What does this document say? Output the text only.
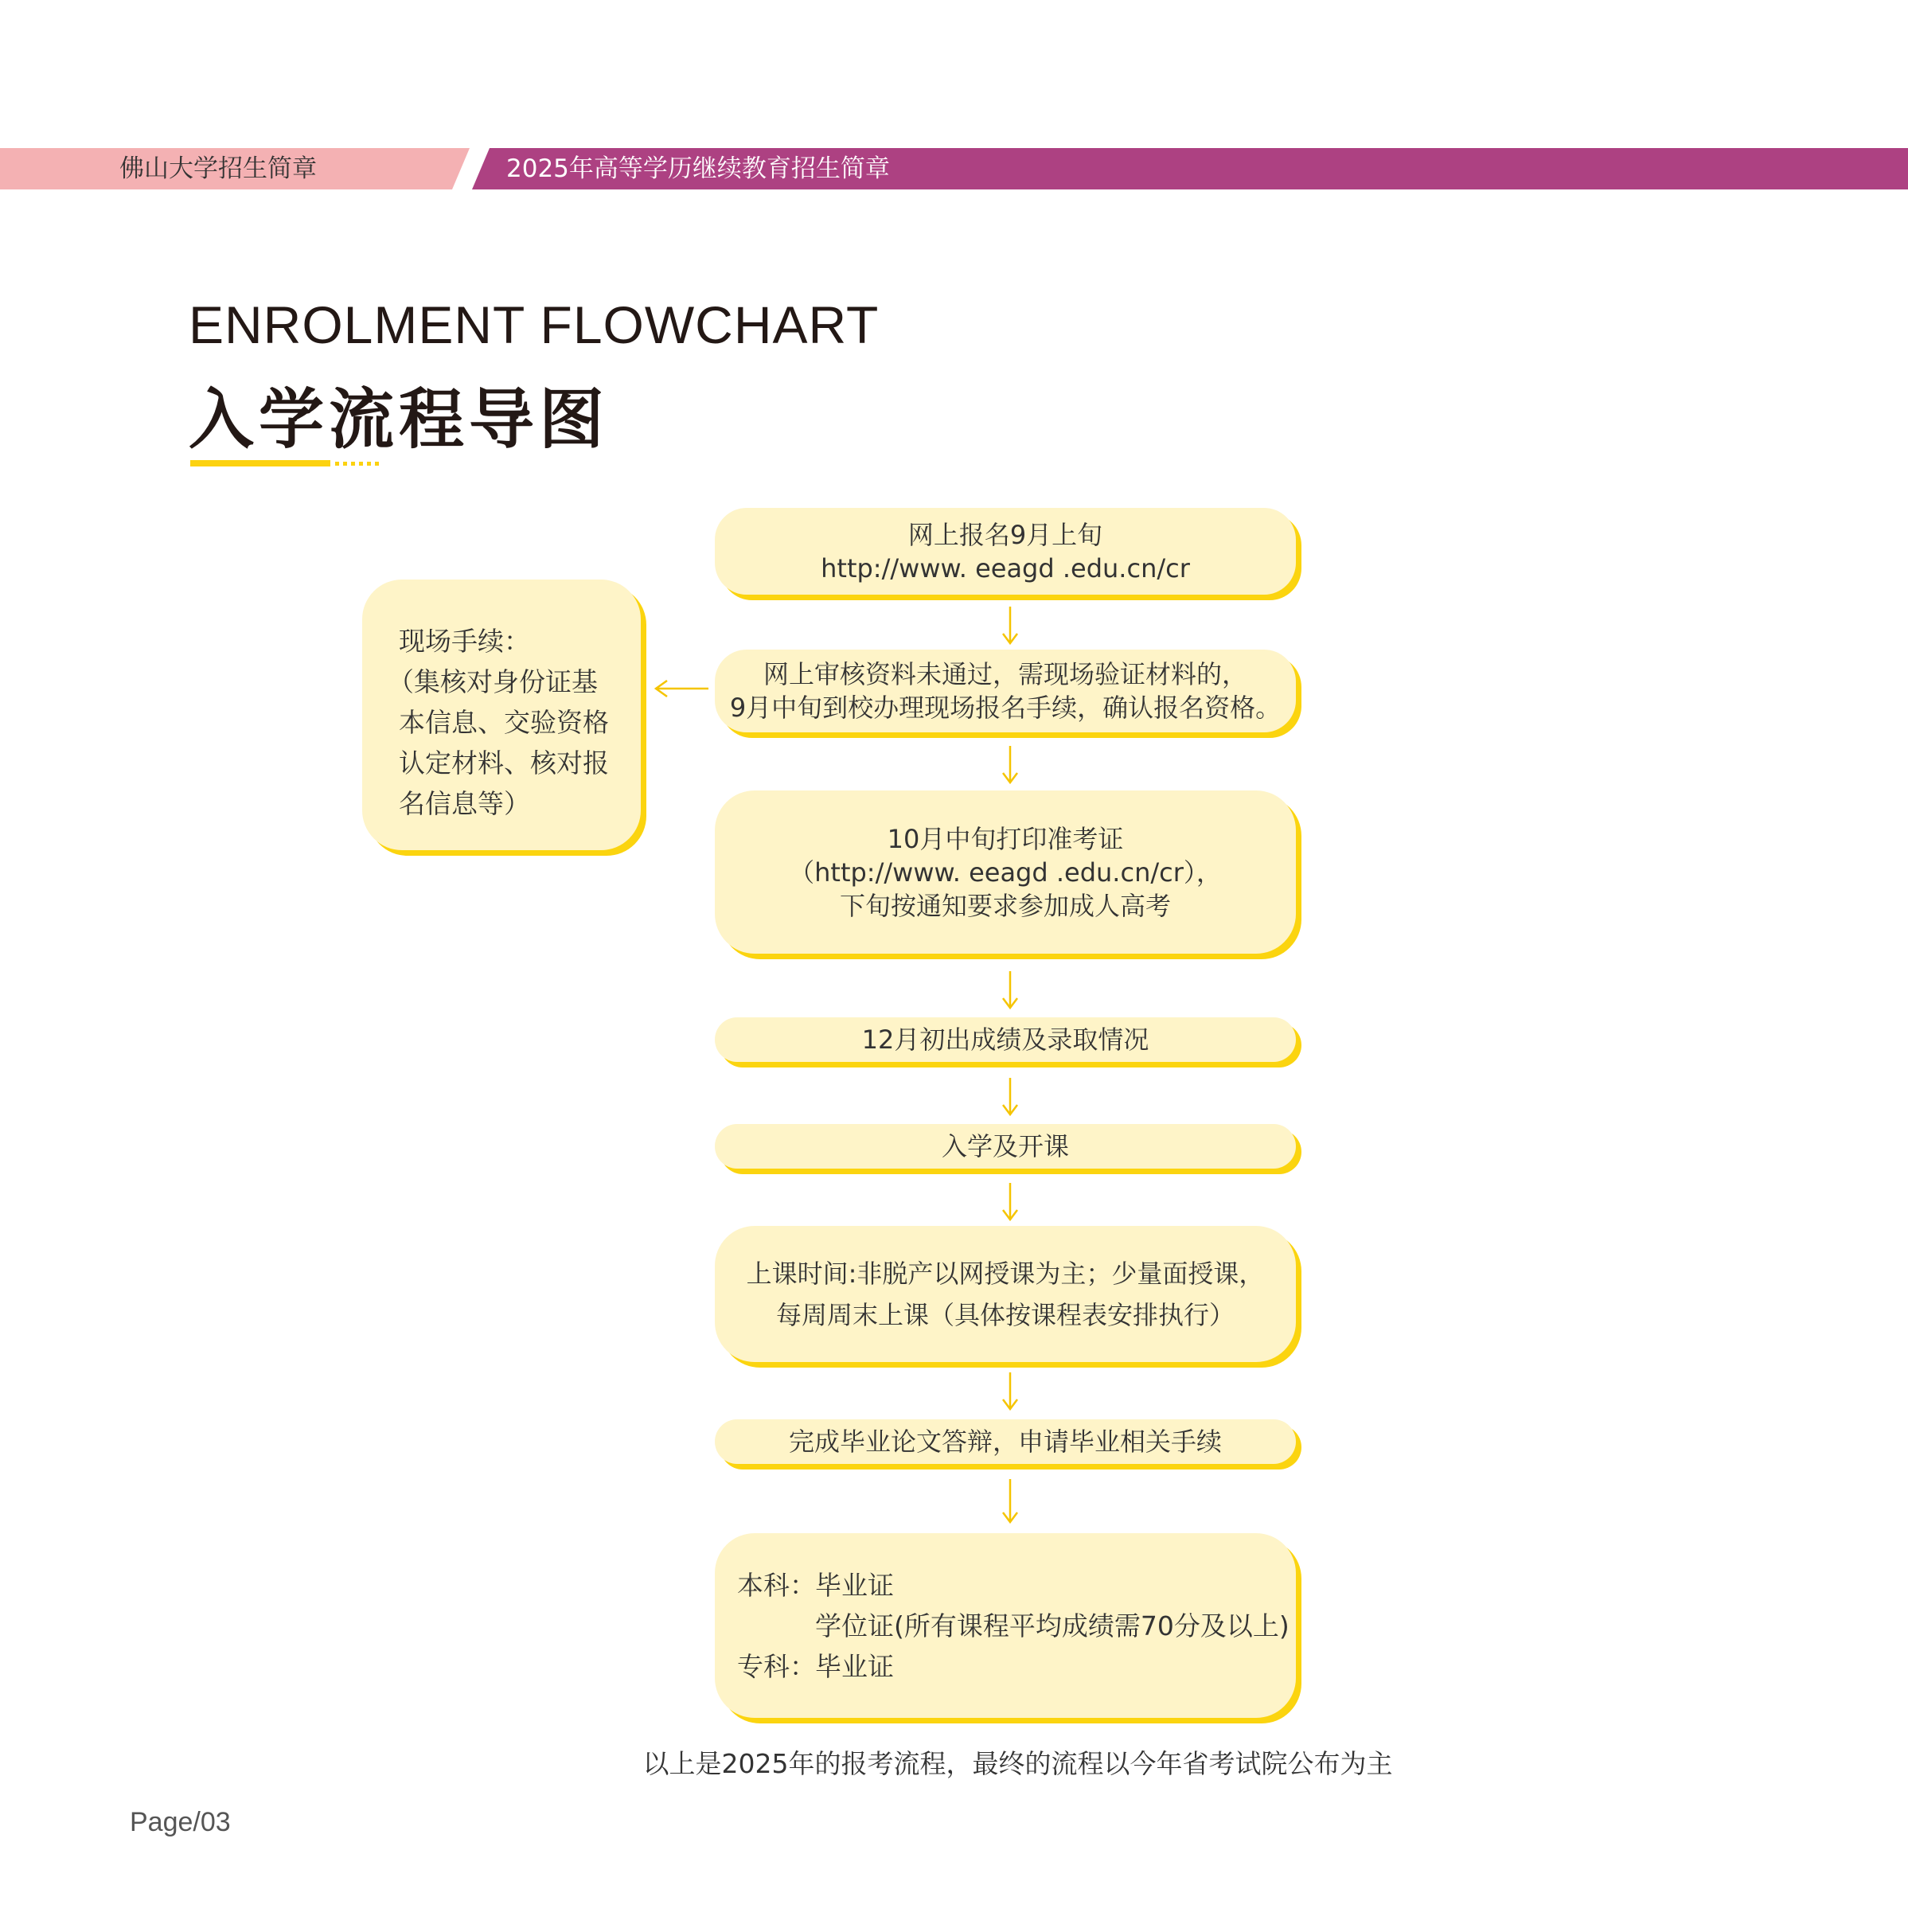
佛山大学招生简章	2025年高等学历继续教育招生简章
ENROLMENT FLOWCHART
入学流程导图
现场手续：
（集核对身份证基
本信息、交验资格
认定材料、核对报
名信息等）
网上报名9月上旬
http://www. eeagd .edu.cn/cr
网上审核资料未通过，需现场验证材料的，
9月中旬到校办理现场报名手续，确认报名资格。
10月中旬打印准考证
（http://www. eeagd .edu.cn/cr），
下旬按通知要求参加成人高考
12月初出成绩及录取情况
入学及开课
上课时间:非脱产以网授课为主；少量面授课，
每周周末上课（具体按课程表安排执行）
完成毕业论文答辩，申请毕业相关手续
本科： 毕业证
学位证(所有课程平均成绩需70分及以上)
专科： 毕业证
以上是2025年的报考流程，最终的流程以今年省考试院公布为主
Page/03
